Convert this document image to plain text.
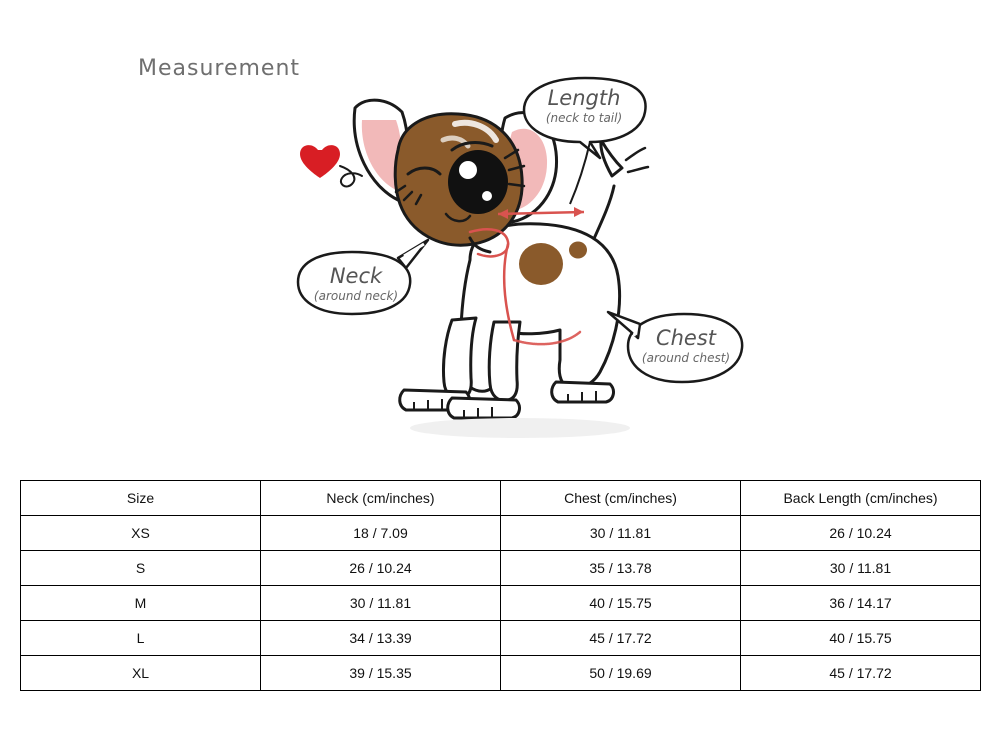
Measurement
Length
(neck to tail)
Neck
(around neck)
Chest
(around chest)
Size	Neck (cm/inches)	Chest (cm/inches)	Back Length (cm/inches)
XS	18 / 7.09	30 / 11.81	26 / 10.24
S	26 / 10.24	35 / 13.78	30 / 11.81
M	30 / 11.81	40 / 15.75	36 / 14.17
L	34 / 13.39	45 / 17.72	40 / 15.75
XL	39 / 15.35	50 / 19.69	45 / 17.72
